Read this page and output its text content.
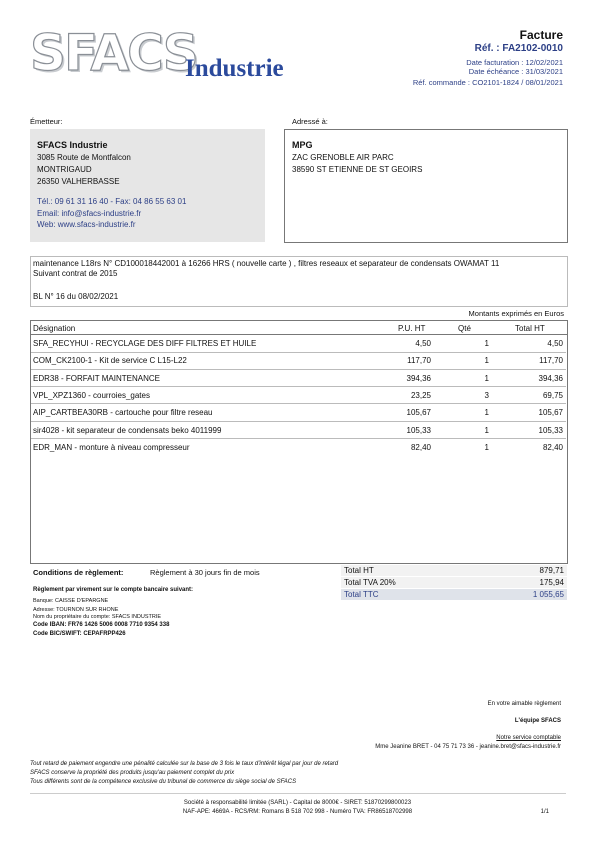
SFACS
Industrie
Facture
Réf. : FA2102-0010
Date facturation : 12/02/2021
Date échéance : 31/03/2021
Réf. commande : CO2101-1824 / 08/01/2021
Émetteur:
SFACS Industrie
3085 Route de Montfalcon
MONTRIGAUD
26350 VALHERBASSE
Tél.: 09 61 31 16 40 - Fax: 04 86 55 63 01
Email: info@sfacs-industrie.fr
Web: www.sfacs-industrie.fr
Adressé à:
MPG
ZAC GRENOBLE AIR PARC
38590 ST ETIENNE DE ST GEOIRS
maintenance L18rs N° CD100018442001 à 16266 HRS ( nouvelle carte ) , filtres reseaux et separateur de condensats OWAMAT 11
Suivant contrat de 2015
BL N° 16 du 08/02/2021
Montants exprimés en Euros
Désignation	P.U. HT	Qté	Total HT
SFA_RECYHUI - RECYCLAGE DES DIFF FILTRES ET HUILE	4,50	1	4,50
COM_CK2100-1 - Kit de service C L15-L22	117,70	1	117,70
EDR38 - FORFAIT MAINTENANCE	394,36	1	394,36
VPL_XPZ1360 - courroies_gates	23,25	3	69,75
AIP_CARTBEA30RB - cartouche pour filtre reseau	105,67	1	105,67
sir4028 - kit separateur de condensats beko 4011999	105,33	1	105,33
EDR_MAN - monture à niveau compresseur	82,40	1	82,40
Conditions de règlement:	Règlement à 30 jours fin de mois
Règlement par virement sur le compte bancaire suivant:
Banque: CAISSE D'EPARGNE
Adresse: TOURNON SUR RHONE
Nom du propriétaire du compte: SFACS INDUSTRIE
Code IBAN: FR76 1426 5006 0008 7710 9354 338
Code BIC/SWIFT: CEPAFRPP426
Total HT	879,71
Total TVA 20%	175,94
Total TTC	1 055,65
En votre aimable règlement
L'équipe SFACS
Notre service comptable
Mme Jeanine BRET - 04 75 71 73 36 - jeanine.bret@sfacs-industrie.fr
Tout retard de paiement engendre une pénalité calculée sur la base de 3 fois le taux d'intérêt légal par jour de retard
SFACS conserve la propriété des produits jusqu'au paiement complet du prix
Tous différents sont de la compétence exclusive du tribunal de commerce du siège social de SFACS
Société à responsabilité limitée (SARL) - Capital de 8000€ - SIRET: 51870299800023
NAF-APE: 4669A - RCS/RM: Romans B 518 702 998 - Numéro TVA: FR86518702998	1/1
